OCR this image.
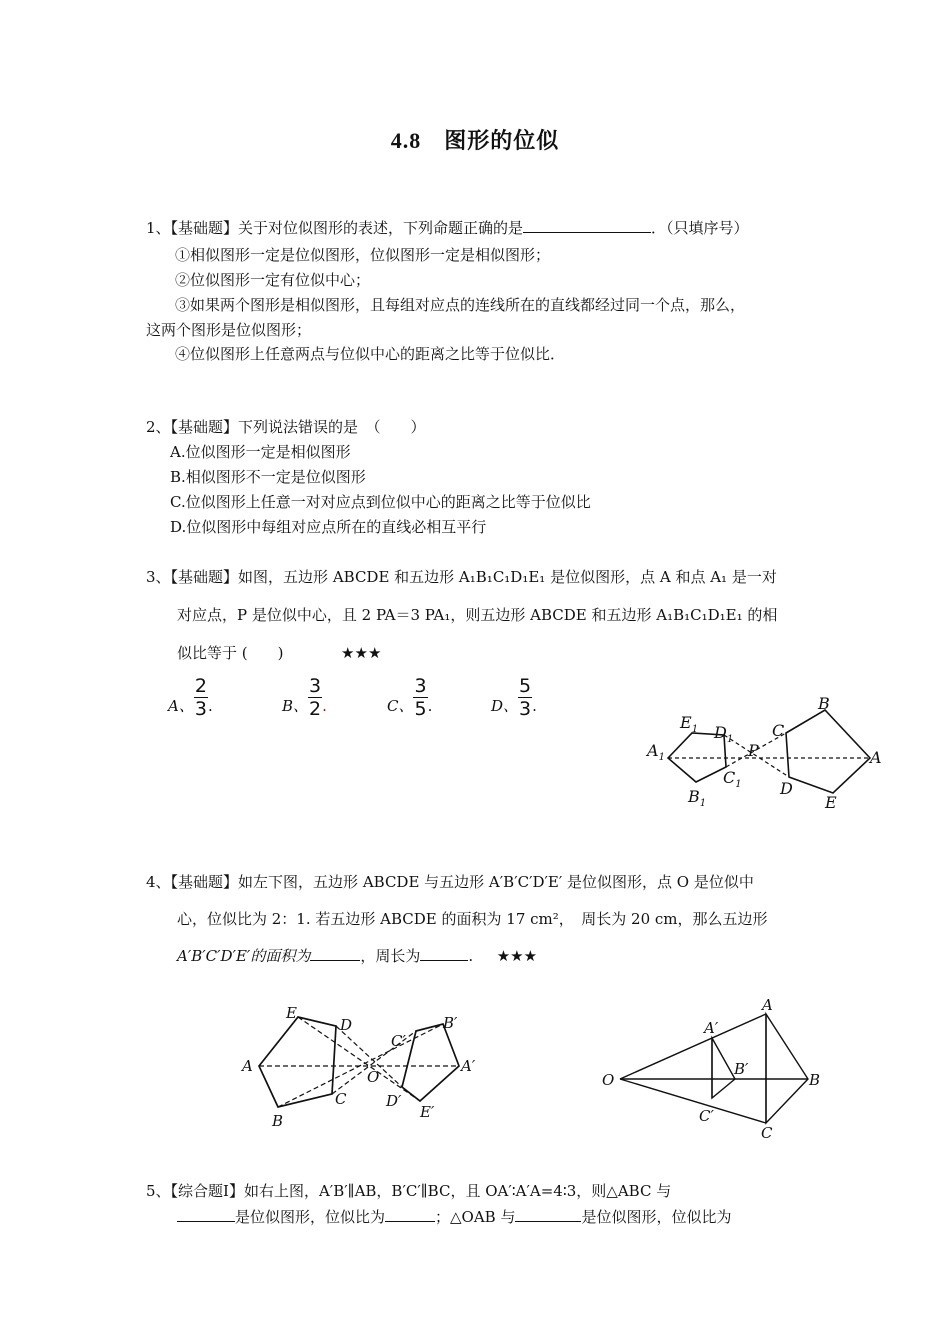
4.8　图形的位似
1、【基础题】关于对位似图形的表述，下列命题正确的是	．（只填序号）
①相似图形一定是位似图形，位似图形一定是相似图形；
②位似图形一定有位似中心；
③如果两个图形是相似图形，且每组对应点的连线所在的直线都经过同一个点，那么，
这两个图形是位似图形；
④位似图形上任意两点与位似中心的距离之比等于位似比．
2、【基础题】下列说法错误的是　（　　）
A.位似图形一定是相似图形
B.相似图形不一定是位似图形
C.位似图形上任意一对对应点到位似中心的距离之比等于位似比
D.位似图形中每组对应点所在的直线必相互平行
3、【基础题】如图，五边形 ABCDE 和五边形 A₁B₁C₁D₁E₁ 是位似图形，点 A 和点 A₁ 是一对
对应点，P 是位似中心，且 2 PA＝3 PA₁，则五边形 ABCDE 和五边形 A₁B₁C₁D₁E₁ 的相
似比等于 (　　)	★★★
A、 $\frac{2}{3}$ .	B、 $\frac{3}{2}$ .	C、 $\frac{3}{5}$ .	D、 $\frac{5}{3}$ .
$E_1$ $D_1$
$A_1$
$C_1$
$B_1$
P
C
B
A
D
E
4、【基础题】如左下图，五边形 ABCDE 与五边形 A′B′C′D′E′ 是位似图形，点 O 是位似中
心，位似比为 2：1. 若五边形 ABCDE 的面积为 17 cm²，　周长为 20 cm，那么五边形
A′B′C′D′E′的面积为	，周长为	. ★★★
E
D
A
O
B
C
C′
B′
A′
D′
E′
A
A′
O
B′
B
C′
C
5、【综合题Ⅰ】如右上图，A′B′∥AB，B′C′∥BC，且 OA′∶A′A=4∶3，则△ABC 与
是位似图形，位似比为	；△OAB 与	是位似图形，位似比为
